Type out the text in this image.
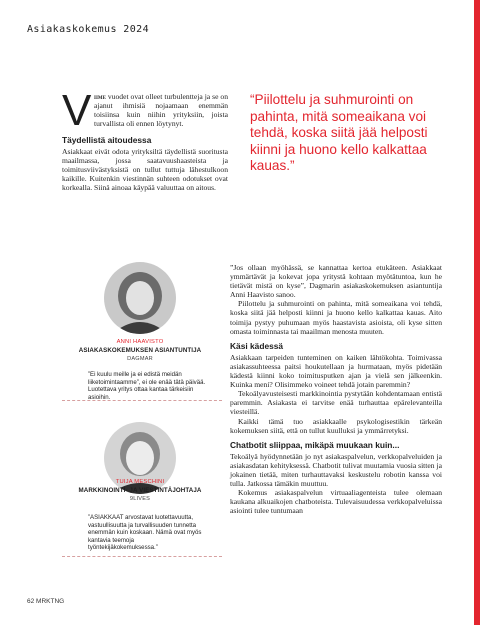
Asiakaskokemus 2024
V iime vuodet ovat olleet turbulentteja ja se on ajanut ihmisiä nojaamaan enemmän toisiinsa kuin niihin yrityksiin, joista turvallista oli ennen löytynyt.

Täydellistä aitoudessa

Asiakkaat eivät odota yrityksiltä täydellistä suoritusta maailmassa, jossa saatavuushaasteista ja toimitusviivästyksistä on tullut tuttuja lähestulkoon kaikille. Kuitenkin viestinnän suhteen odotukset ovat korkealla. Siinä ainoaa käypää valuuttaa on aitous.

“Piilottelu ja suhmurointi on pahinta, mitä someaikana voi tehdä, koska siitä jää helposti kiinni ja huono kello kalkattaa kauas.”
ANNI HAAVISTO
ASIAKASKOKEMUKSEN ASIANTUNTIJA
DAGMAR
”Ei kuulu meille ja ei edistä meidän liiketoimintaamme”, ei ole enää tätä päivää. Luotettava yritys ottaa kantaa tärkeisiin asioihin.
TUIJA MESCHINI
MARKKINOINTI- JA VIESTINTÄJOHTAJA
9LIVES
”ASIAKKAAT arvostavat luotettavuutta, vastuullisuutta ja turvallisuuden tunnetta enemmän kuin koskaan. Nämä ovat myös kantavia teemoja työntekijäkokemuksessa.”

”Jos ollaan myöhässä, se kannattaa kertoa etukäteen. Asiakkaat ymmärtävät ja kokevat jopa yritystä kohtaan myötätuntoa, kun he tietävät mistä on kyse”, Dagmarin asiakaskokemuksen asiantuntija Anni Haavisto sanoo.

Piilottelu ja suhmurointi on pahinta, mitä someaikana voi tehdä, koska siitä jää helposti kiinni ja huono kello kalkattaa kauas. Aito toimija pystyy puhumaan myös haastavista asioista, oli kyse sitten omasta toiminnasta tai maailman menosta muuten.

Käsi kädessä

Asiakkaan tarpeiden tunteminen on kaiken lähtökohta. Toimivassa asiakassuhteessa paitsi houkutellaan ja hurmataan, myös pidetään kädestä kiinni koko toimitusputken ajan ja vielä sen jälkeenkin. Kuinka meni? Olisimmeko voineet tehdä jotain paremmin?

Tekoälyavusteisesti markkinointia pystytään kohdentamaan entistä paremmin. Asiakasta ei tarvitse enää turhauttaa epärelevanteilla viesteillä.

Kaikki tämä tuo asiakkaalle psykologisestikin tärkeän kokemuksen siitä, että on tullut kuulluksi ja ymmärretyksi.

Chatbotit sliippaa, mikäpä muukaan kuin...

Tekoälyä hyödynnetään jo nyt asiakaspalvelun, verkkopalveluiden ja asiakasdatan kehityksessä. Chatbotit tulivat muutamia vuosia sitten ja jokainen tietää, miten turhauttavaksi keskustelu robotin kanssa voi tulla. Jatkossa tämäkin muuttuu.

Kokemus asiakaspalvelun virtuaaliagenteista tulee olemaan kaukana alkuaikojen chatboteista. Tulevaisuudessa verkkopalveluissa asiointi tulee tuntumaan

62 MRKTNG
